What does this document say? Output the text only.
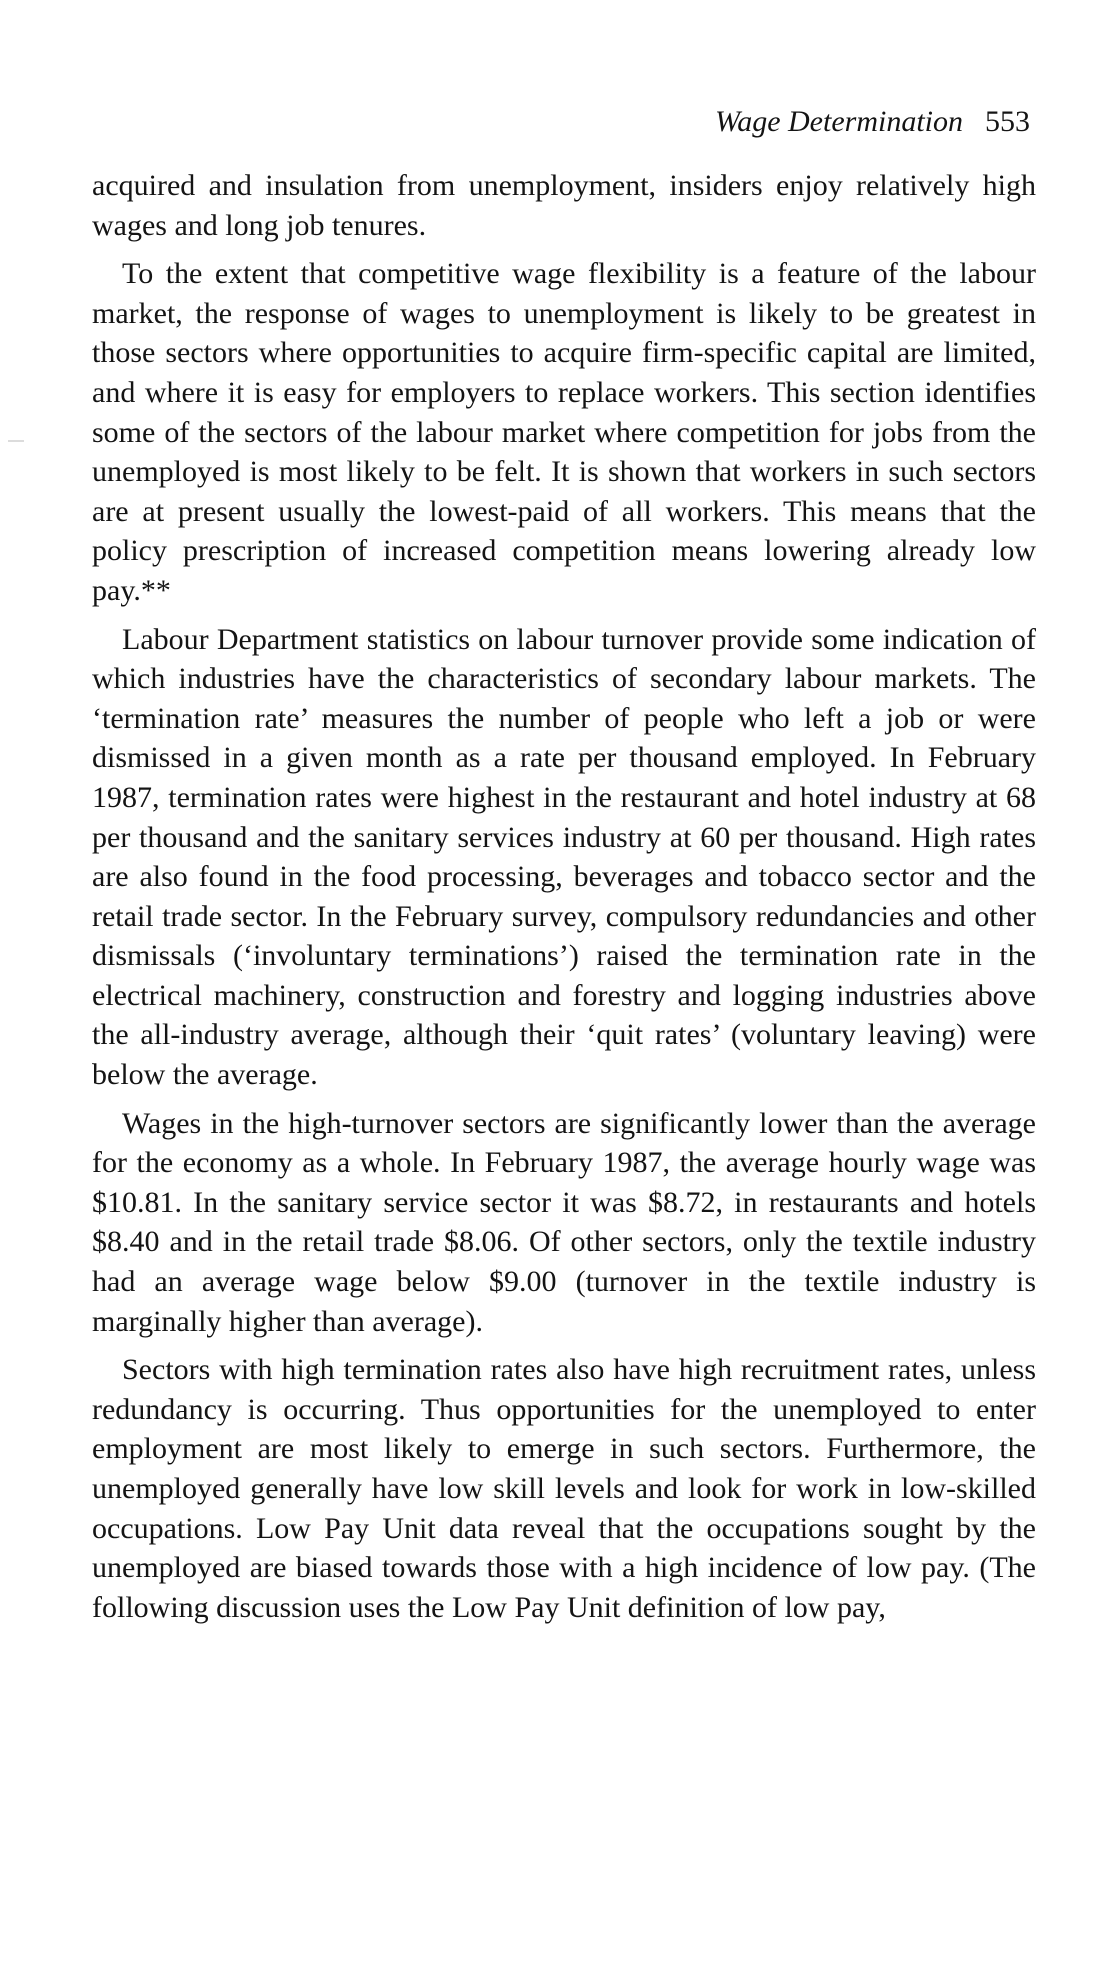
Wage Determination 553

acquired and insulation from unemployment, insiders enjoy relatively high wages and long job tenures.

To the extent that competitive wage flexibility is a feature of the labour market, the response of wages to unemployment is likely to be greatest in those sectors where opportunities to acquire firm-specific capital are limited, and where it is easy for employers to replace workers. This section identifies some of the sectors of the labour market where competition for jobs from the unemployed is most likely to be felt. It is shown that workers in such sectors are at present usually the lowest-paid of all workers. This means that the policy prescription of increased competition means lowering already low pay.**

Labour Department statistics on labour turnover provide some indication of which industries have the characteristics of secondary labour markets. The ‘termination rate’ measures the number of people who left a job or were dismissed in a given month as a rate per thousand employed. In February 1987, termination rates were highest in the restaurant and hotel industry at 68 per thousand and the sanitary services industry at 60 per thousand. High rates are also found in the food processing, beverages and tobacco sector and the retail trade sector. In the February survey, compulsory redundancies and other dismissals (‘involuntary terminations’) raised the termination rate in the electrical machinery, construction and forestry and logging industries above the all-industry average, although their ‘quit rates’ (voluntary leaving) were below the average.

Wages in the high-turnover sectors are significantly lower than the average for the economy as a whole. In February 1987, the average hourly wage was $10.81. In the sanitary service sector it was $8.72, in restaurants and hotels $8.40 and in the retail trade $8.06. Of other sectors, only the textile industry had an average wage below $9.00 (turnover in the textile industry is marginally higher than average).

Sectors with high termination rates also have high recruitment rates, unless redundancy is occurring. Thus opportunities for the unemployed to enter employment are most likely to emerge in such sectors. Furthermore, the unemployed generally have low skill levels and look for work in low-skilled occupations. Low Pay Unit data reveal that the occupations sought by the unemployed are biased towards those with a high incidence of low pay. (The following discussion uses the Low Pay Unit definition of low pay,
